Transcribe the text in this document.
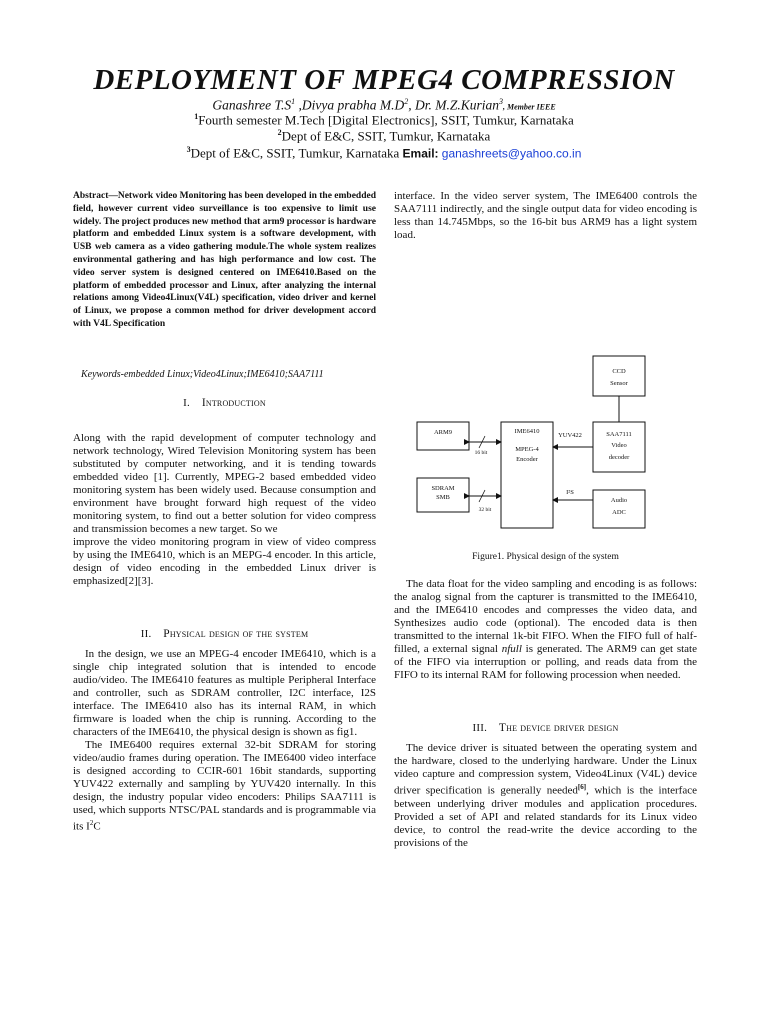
DEPLOYMENT OF MPEG4 COMPRESSION
Ganashree $T.S^1$ ,Divya prabha $M.D^2$, Dr. M.Z.Kurian$^3$, Member IEEE
$^1$Fourth semester M.Tech [Digital Electronics], SSIT, Tumkur, Karnataka
$^2$Dept of E&C, SSIT, Tumkur, Karnataka
$^3$Dept of E&C, SSIT, Tumkur, Karnataka Email: ganashreets@yahoo.co.in
Abstract—Network video Monitoring has been developed in the embedded field, however current video surveillance is too expensive to limit use widely. The project produces new method that arm9 processor is hardware platform and embedded Linux system is a software development, with USB web camera as a video gathering module.The whole system realizes environmental gathering and has high performance and low cost. The video server system is designed centered on IME6410.Based on the platform of embedded processor and Linux, after analyzing the internal relations among Video4Linux(V4L) specification, video driver and kernel of Linux, we propose a common method for driver development accord with V4L Specification
Keywords-embedded Linux;Video4Linux;IME6410;SAA7111
I. Introduction

Along with the rapid development of computer technology and network technology, Wired Television Monitoring system has been substituted by computer networking, and it is tending towards embedded video [1]. Currently, MPEG-2 based embedded video monitoring system has been widely used. Because consumption and environment have brought forward high request of the video monitoring system, to find out a better solution for video compress and transmission becomes a new target. So we

improve the video monitoring program in view of video compress by using the IME6410, which is an MEPG-4 encoder. In this article, design of video encoding in the embedded Linux driver is emphasized[2][3].

II. Physical design of the system

In the design, we use an MPEG-4 encoder IME6410, which is a single chip integrated solution that is intended to encode audio/video. The IME6410 features as multiple Peripheral Interface and controller, such as SDRAM controller, I2C interface, I2S interface. The IME6410 also has its internal RAM, in which firmware is loaded when the chip is running. According to the characters of the IME6410, the physical design is shown as fig1.

The IME6400 requires external 32-bit SDRAM for storing video/audio frames during operation. The IME6400 video interface is designed according to CCIR-601 16bit standards, supporting YUV422 externally and sampling by YUV420 internally. In this design, the industry popular video encoders: Philips SAA7111 is used, which supports NTSC/PAL standards and is programmable via its $I^2C$

interface. In the video server system, The IME6400 controls the SAA7111 indirectly, and the single output data for video encoding is less than 14.745Mbps, so the 16-bit bus ARM9 has a light system load.
CCD
Sensor
ARM9	IME6410
MPEG-4
Encoder
SAA7111
Video
decoder
SDRAM
SMB	Audio
ADC
16 bit
YUV422
32 bit
I²S
Figure1. Physical design of the system

The data float for the video sampling and encoding is as follows: the analog signal from the capturer is transmitted to the IME6410, and the IME6410 encodes and compresses the video data, and Synthesizes audio code (optional). The encoded data is then transmitted to the internal 1k-bit FIFO. When the FIFO full of half-filled, a external signal nfull is generated. The ARM9 can get state of the FIFO via interruption or polling, and reads data from the FIFO to its internal RAM for following procession when needed.

III. The device driver design

The device driver is situated between the operating system and the hardware, closed to the underlying hardware. Under the Linux video capture and compression system, Video4Linux (V4L) device driver specification is generally needed[6], which is the interface between underlying driver modules and application procedures. Provided a set of API and related standards for its Linux video device, to control the read-write the device according to the provisions of the
